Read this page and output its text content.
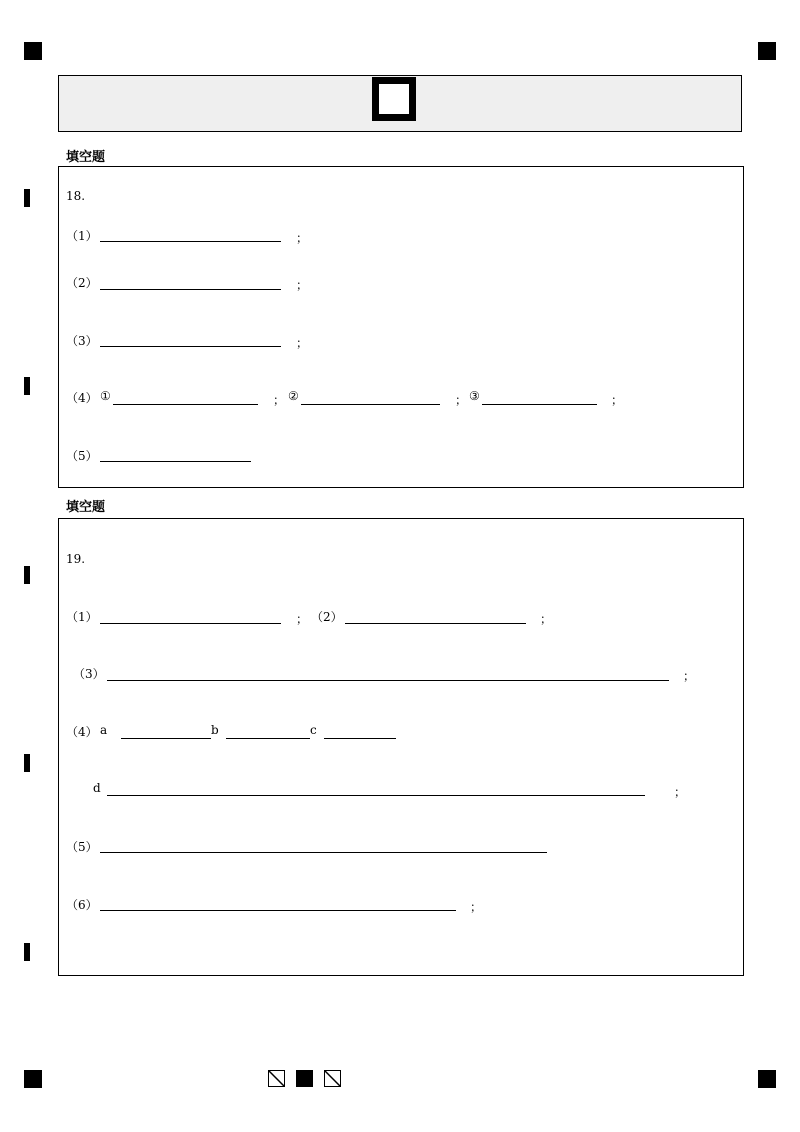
填空题
18.
（1）	；
（2）	；
（3）	；
（4） ①	； ②	； ③	；
（5）
填空题
19.
（1）	； （2）	；
（3）	；
（4） a	b	c
d	；
（5）
（6）	；
